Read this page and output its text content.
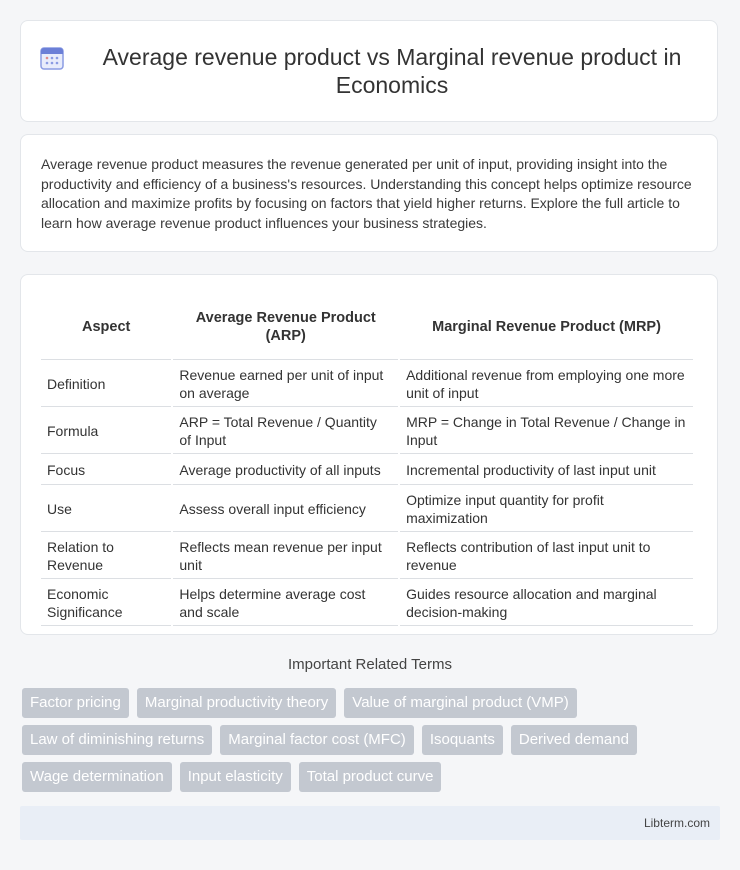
Average revenue product vs Marginal revenue product in Economics

Average revenue product measures the revenue generated per unit of input, providing insight into the productivity and efficiency of a business's resources. Understanding this concept helps optimize resource allocation and maximize profits by focusing on factors that yield higher returns. Explore the full article to learn how average revenue product influences your business strategies.

Aspect	Average Revenue Product (ARP)	Marginal Revenue Product (MRP)
Definition	Revenue earned per unit of input on average	Additional revenue from employing one more unit of input
Formula	ARP = Total Revenue / Quantity of Input	MRP = Change in Total Revenue / Change in Input
Focus	Average productivity of all inputs	Incremental productivity of last input unit
Use	Assess overall input efficiency	Optimize input quantity for profit maximization
Relation to Revenue	Reflects mean revenue per input unit	Reflects contribution of last input unit to revenue
Economic Significance	Helps determine average cost and scale	Guides resource allocation and marginal decision-making
Important Related Terms
Factor pricing	Marginal productivity theory	Value of marginal product (VMP)
Law of diminishing returns	Marginal factor cost (MFC)	Isoquants	Derived demand
Wage determination	Input elasticity	Total product curve
Libterm.com
